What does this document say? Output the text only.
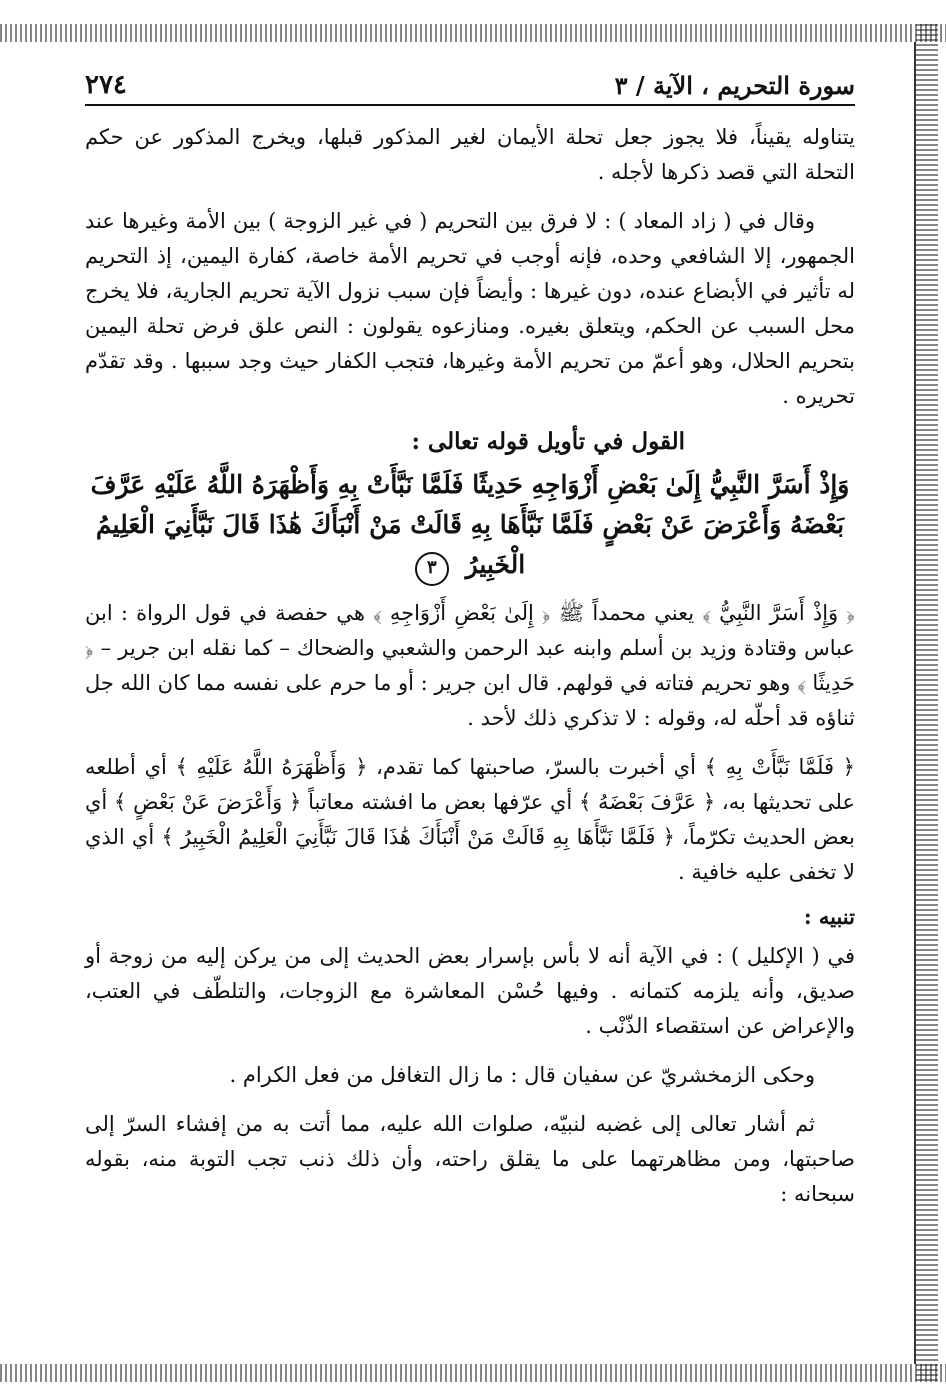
سورة التحريم ، الآية / ٣
٢٧٤

يتناوله يقيناً، فلا يجوز جعل تحلة الأيمان لغير المذكور قبلها، ويخرج المذكور عن حكم التحلة التي قصد ذكرها لأجله .

وقال في ( زاد المعاد ) : لا فرق بين التحريم ( في غير الزوجة ) بين الأمة وغيرها عند الجمهور، إلا الشافعي وحده، فإنه أوجب في تحريم الأمة خاصة، كفارة اليمين، إذ التحريم له تأثير في الأبضاع عنده، دون غيرها : وأيضاً فإن سبب نزول الآية تحريم الجارية، فلا يخرج محل السبب عن الحكم، ويتعلق بغيره. ومنازعوه يقولون : النص علق فرض تحلة اليمين بتحريم الحلال، وهو أعمّ من تحريم الأمة وغيرها، فتجب الكفار حيث وجد سببها . وقد تقدّم تحريره .

القول في تأويل قوله تعالى :
وَإِذْ أَسَرَّ النَّبِيُّ إِلَىٰ بَعْضِ أَزْوَاجِهِ حَدِيثًا فَلَمَّا نَبَّأَتْ بِهِ وَأَظْهَرَهُ اللَّهُ عَلَيْهِ عَرَّفَ بَعْضَهُ وَأَعْرَضَ عَنْ بَعْضٍ فَلَمَّا نَبَّأَهَا بِهِ قَالَتْ مَنْ أَنْبَأَكَ هَٰذَا قَالَ نَبَّأَنِيَ الْعَلِيمُ الْخَبِيرُ ٣

﴿ وَإِذْ أَسَرَّ النَّبِيُّ ﴾ يعني محمداً ﷺ ﴿ إِلَىٰ بَعْضِ أَزْوَاجِهِ ﴾ هي حفصة في قول الرواة : ابن عباس وقتادة وزيد بن أسلم وابنه عبد الرحمن والشعبي والضحاك – كما نقله ابن جرير – ﴿ حَدِيثًا ﴾ وهو تحريم فتاته في قولهم. قال ابن جرير : أو ما حرم على نفسه مما كان الله جل ثناؤه قد أحلّه له، وقوله : لا تذكري ذلك لأحد .

﴿ فَلَمَّا نَبَّأَتْ بِهِ ﴾ أي أخبرت بالسرّ، صاحبتها كما تقدم، ﴿ وَأَظْهَرَهُ اللَّهُ عَلَيْهِ ﴾ أي أطلعه على تحديثها به، ﴿ عَرَّفَ بَعْضَهُ ﴾ أي عرّفها بعض ما افشته معاتباً ﴿ وَأَعْرَضَ عَنْ بَعْضٍ ﴾ أي بعض الحديث تكرّماً، ﴿ فَلَمَّا نَبَّأَهَا بِهِ قَالَتْ مَنْ أَنْبَأَكَ هَٰذَا قَالَ نَبَّأَنِيَ الْعَلِيمُ الْخَبِيرُ ﴾ أي الذي لا تخفى عليه خافية .

تنبيه :

في ( الإكليل ) : في الآية أنه لا بأس بإسرار بعض الحديث إلى من يركن إليه من زوجة أو صديق، وأنه يلزمه كتمانه . وفيها حُسْن المعاشرة مع الزوجات، والتلطّف في العتب، والإعراض عن استقصاء الذّنْب .

وحكى الزمخشريّ عن سفيان قال : ما زال التغافل من فعل الكرام .

ثم أشار تعالى إلى غضبه لنبيّه، صلوات الله عليه، مما أتت به من إفشاء السرّ إلى صاحبتها، ومن مظاهرتهما على ما يقلق راحته، وأن ذلك ذنب تجب التوبة منه، بقوله سبحانه :
